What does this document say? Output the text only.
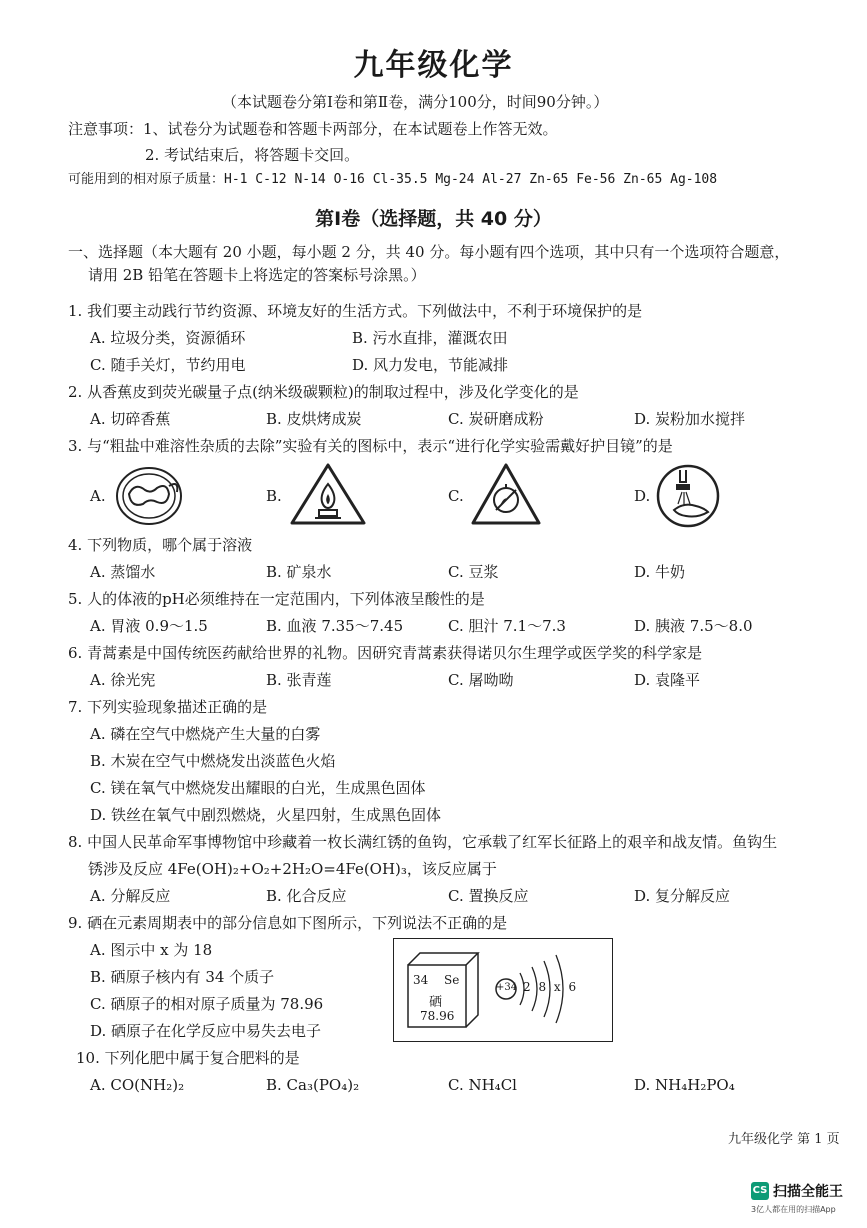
九年级化学
（本试题卷分第Ⅰ卷和第Ⅱ卷，满分100分，时间90分钟。）
注意事项：1、试卷分为试题卷和答题卡两部分，在本试题卷上作答无效。
2. 考试结束后，将答题卡交回。
可能用到的相对原子质量：H-1 C-12 N-14 O-16 Cl-35.5 Mg-24 Al-27 Zn-65 Fe-56 Zn-65 Ag-108
第Ⅰ卷（选择题，共 40 分）
一、选择题（本大题有 20 小题，每小题 2 分，共 40 分。每小题有四个选项，其中只有一个选项符合题意，
请用 2B 铅笔在答题卡上将选定的答案标号涂黑。）
1. 我们要主动践行节约资源、环境友好的生活方式。下列做法中，不利于环境保护的是
A. 垃圾分类，资源循环	B. 污水直排，灌溉农田
C. 随手关灯，节约用电	D. 风力发电，节能减排
2. 从香蕉皮到荧光碳量子点(纳米级碳颗粒)的制取过程中，涉及化学变化的是
A. 切碎香蕉	B. 皮烘烤成炭	C. 炭研磨成粉	D. 炭粉加水搅拌
3. 与“粗盐中难溶性杂质的去除”实验有关的图标中，表示“进行化学实验需戴好护目镜”的是
A.	B.	C.	D.
4. 下列物质，哪个属于溶液
A. 蒸馏水	B. 矿泉水	C. 豆浆	D. 牛奶
5. 人的体液的pH必须维持在一定范围内，下列体液呈酸性的是
A. 胃液 0.9～1.5	B. 血液 7.35～7.45	C. 胆汁 7.1～7.3	D. 胰液 7.5～8.0
6. 青蒿素是中国传统医药献给世界的礼物。因研究青蒿素获得诺贝尔生理学或医学奖的科学家是
A. 徐光宪	B. 张青莲	C. 屠呦呦	D. 袁隆平
7. 下列实验现象描述正确的是
A. 磷在空气中燃烧产生大量的白雾
B. 木炭在空气中燃烧发出淡蓝色火焰
C. 镁在氧气中燃烧发出耀眼的白光，生成黑色固体
D. 铁丝在氧气中剧烈燃烧，火星四射，生成黑色固体
8. 中国人民革命军事博物馆中珍藏着一枚长满红锈的鱼钩，它承载了红军长征路上的艰辛和战友情。鱼钩生
锈涉及反应 4Fe(OH)₂+O₂+2H₂O=4Fe(OH)₃，该反应属于
A. 分解反应	B. 化合反应	C. 置换反应	D. 复分解反应
9. 硒在元素周期表中的部分信息如下图所示，下列说法不正确的是
A. 图示中 x 为 18
B. 硒原子核内有 34 个质子
C. 硒原子的相对原子质量为 78.96
D. 硒原子在化学反应中易失去电子
34 Se
硒
78.96
+34 2 8 x 6
10. 下列化肥中属于复合肥料的是
A. CO(NH₂)₂	B. Ca₃(PO₄)₂	C. NH₄Cl	D. NH₄H₂PO₄
九年级化学 第 1 页
CS 扫描全能王
3亿人都在用的扫描App
